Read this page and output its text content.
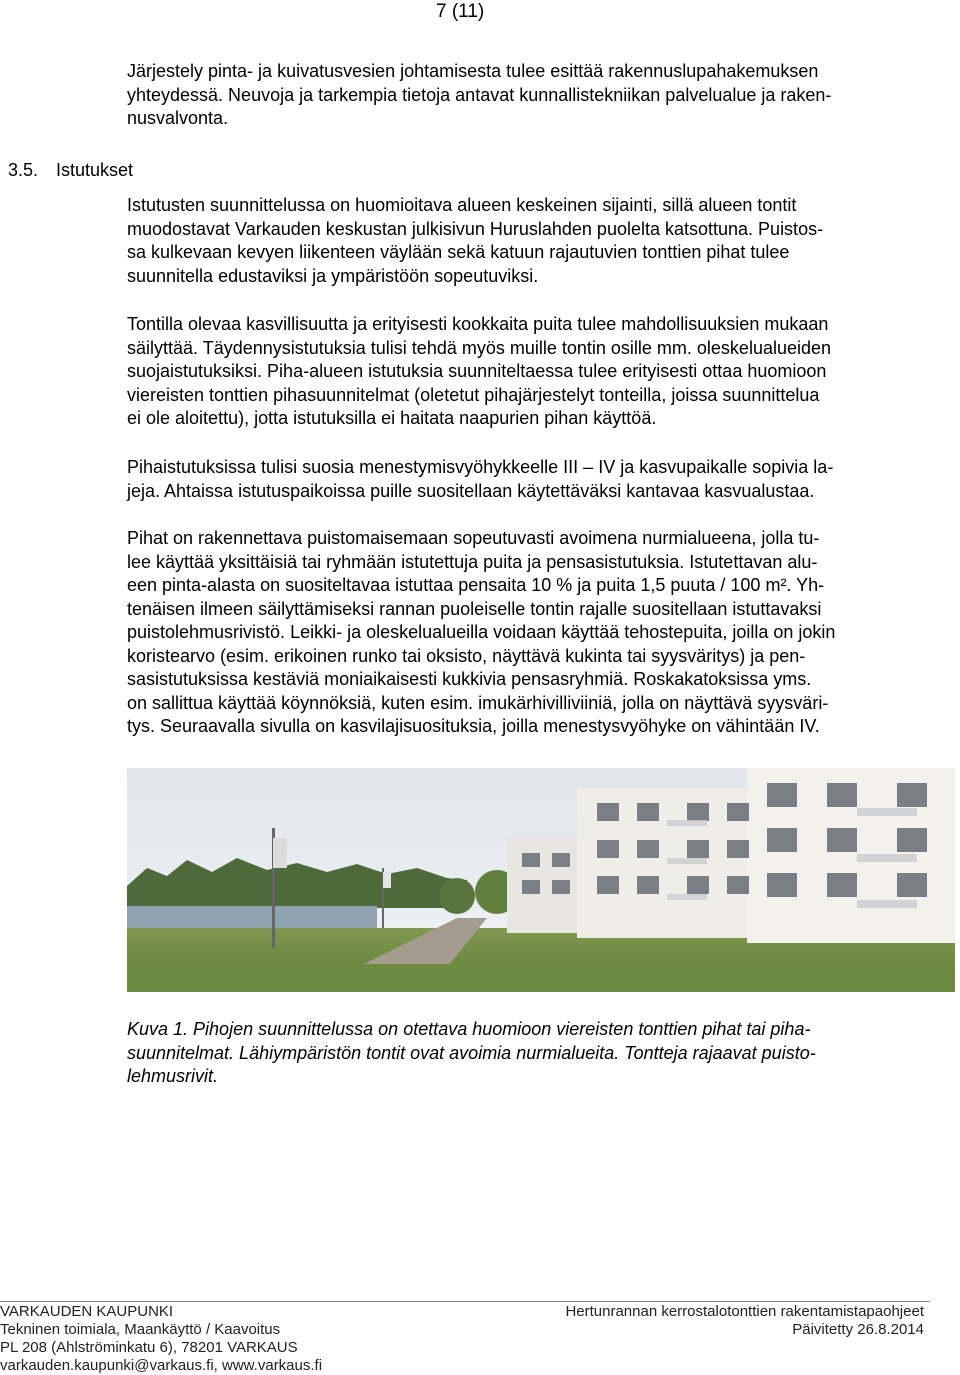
7 (11)
Järjestely pinta- ja kuivatusvesien johtamisesta tulee esittää rakennuslupahakemuksen
yhteydessä. Neuvoja ja tarkempia tietoja antavat kunnallistekniikan palvelualue ja raken-
nusvalvonta.
3.5. Istutukset
Istutusten suunnittelussa on huomioitava alueen keskeinen sijainti, sillä alueen tontit
muodostavat Varkauden keskustan julkisivun Huruslahden puolelta katsottuna. Puistos-
sa kulkevaan kevyen liikenteen väylään sekä katuun rajautuvien tonttien pihat tulee
suunnitella edustaviksi ja ympäristöön sopeutuviksi.
Tontilla olevaa kasvillisuutta ja erityisesti kookkaita puita tulee mahdollisuuksien mukaan
säilyttää. Täydennysistutuksia tulisi tehdä myös muille tontin osille mm. oleskelualueiden
suojaistutuksiksi. Piha-alueen istutuksia suunniteltaessa tulee erityisesti ottaa huomioon
viereisten tonttien pihasuunnitelmat (oletetut pihajärjestelyt tonteilla, joissa suunnittelua
ei ole aloitettu), jotta istutuksilla ei haitata naapurien pihan käyttöä.
Pihaistutuksissa tulisi suosia menestymisvyöhykkeelle III – IV ja kasvupaikalle sopivia la-
jeja. Ahtaissa istutuspaikoissa puille suositellaan käytettäväksi kantavaa kasvualustaa.
Pihat on rakennettava puistomaisemaan sopeutuvasti avoimena nurmialueena, jolla tu-
lee käyttää yksittäisiä tai ryhmään istutettuja puita ja pensasistutuksia. Istutettavan alu-
een pinta-alasta on suositeltavaa istuttaa pensaita 10 % ja puita 1,5 puuta / 100 m². Yh-
tenäisen ilmeen säilyttämiseksi rannan puoleiselle tontin rajalle suositellaan istuttavaksi
puistolehmusrivistö. Leikki- ja oleskelualueilla voidaan käyttää tehostepuita, joilla on jokin
koristearvo (esim. erikoinen runko tai oksisto, näyttävä kukinta tai syysväritys) ja pen-
sasistutuksissa kestäviä moniaikaisesti kukkivia pensasryhmiä. Roskakatoksissa yms.
on sallittua käyttää köynnöksiä, kuten esim. imukärhivilliviiniä, jolla on näyttävä syysväri-
tys. Seuraavalla sivulla on kasvilajisuosituksia, joilla menestysvyöhyke on vähintään IV.
Kuva 1. Pihojen suunnittelussa on otettava huomioon viereisten tonttien pihat tai piha-
suunnitelmat. Lähiympäristön tontit ovat avoimia nurmialueita. Tontteja rajaavat puisto-
lehmusrivit.
VARKAUDEN KAUPUNKI
Tekninen toimiala, Maankäyttö / Kaavoitus
PL 208 (Ahlströminkatu 6), 78201 VARKAUS
varkauden.kaupunki@varkaus.fi, www.varkaus.fi
Hertunrannan kerrostalotonttien rakentamistapaohjeet
Päivitetty 26.8.2014
